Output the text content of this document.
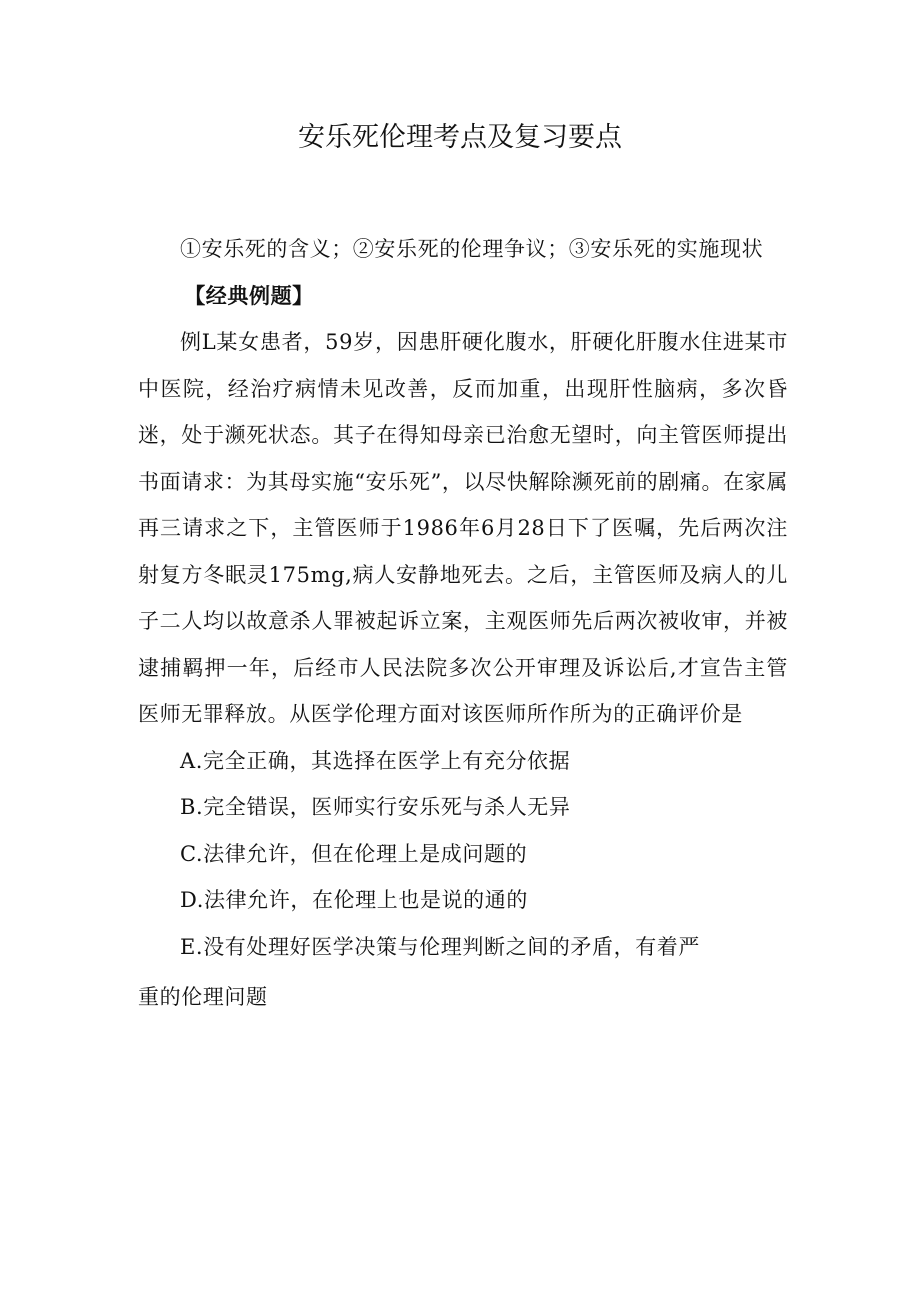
安乐死伦理考点及复习要点

①安乐死的含义；②安乐死的伦理争议；③安乐死的实施现状

【经典例题】

例L某女患者，59岁，因患肝硬化腹水，肝硬化肝腹水住进某市中医院，经治疗病情未见改善，反而加重，出现肝性脑病，多次昏迷，处于濒死状态。其子在得知母亲已治愈无望时，向主管医师提出书面请求：为其母实施“安乐死”，以尽快解除濒死前的剧痛。在家属再三请求之下，主管医师于1986年6月28日下了医嘱，先后两次注射复方冬眠灵175mg,病人安静地死去。之后，主管医师及病人的儿子二人均以故意杀人罪被起诉立案，主观医师先后两次被收审，并被逮捕羁押一年，后经市人民法院多次公开审理及诉讼后,才宣告主管医师无罪释放。从医学伦理方面对该医师所作所为的正确评价是

A.完全正确，其选择在医学上有充分依据

B.完全错误，医师实行安乐死与杀人无异

C.法律允许，但在伦理上是成问题的

D.法律允许，在伦理上也是说的通的

E.没有处理好医学决策与伦理判断之间的矛盾，有着严

重的伦理问题
